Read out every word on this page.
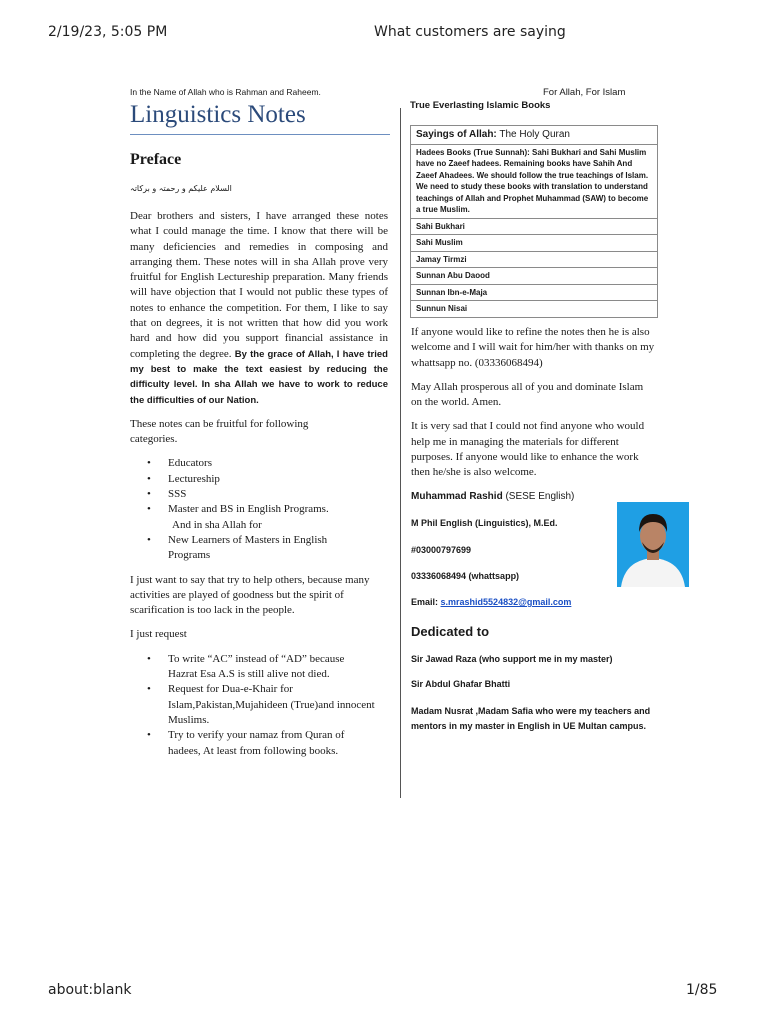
2/19/23, 5:05 PM	What customers are saying
In the Name of Allah who is Rahman and Raheem.	For Allah, For Islam
Linguistics Notes
Preface
السلام علیکم و رحمتہ و برکاتہ

Dear brothers and sisters, I have arranged these notes what I could manage the time. I know that there will be many deficiencies and remedies in composing and arranging them. These notes will in sha Allah prove very fruitful for English Lectureship preparation. Many friends will have objection that I would not public these types of notes to enhance the competition. For them, I like to say that on degrees, it is not written that how did you work hard and how did you support financial assistance in completing the degree. By the grace of Allah, I have tried my best to make the text easiest by reducing the difficulty level. In sha Allah we have to work to reduce the difficulties of our Nation.

These notes can be fruitful for following categories.

• Educators
• Lectureship
• SSS
• Master and BS in English Programs.
And in sha Allah for
• New Learners of Masters in English Programs

I just want to say that try to help others, because many activities are played of goodness but the spirit of scarification is too lack in the people.

I just request

• To write “AC” instead of “AD” because Hazrat Esa A.S is still alive not died.
• Request for Dua-e-Khair for Islam,Pakistan,Mujahideen (True)and innocent Muslims.
• Try to verify your namaz from Quran of hadees, At least from following books.
True Everlasting Islamic Books
Sayings of Allah: The Holy Quran
Hadees Books (True Sunnah): Sahi Bukhari and Sahi Muslim have no Zaeef hadees. Remaining books have Sahih And Zaeef Ahadees. We should follow the true teachings of Islam. We need to study these books with translation to understand teachings of Allah and Prophet Muhammad (SAW) to become a true Muslim.
Sahi Bukhari
Sahi Muslim
Jamay Tirmzi
Sunnan Abu Daood
Sunnan Ibn-e-Maja
Sunnun Nisai

If anyone would like to refine the notes then he is also welcome and I will wait for him/her with thanks on my whattsapp no. (03336068494)

May Allah prosperous all of you and dominate Islam on the world. Amen.

It is very sad that I could not find anyone who would help me in managing the materials for different purposes. If anyone would like to enhance the work then he/she is also welcome.

Muhammad Rashid (SESE English)
M Phil English (Linguistics), M.Ed.
#03000797699
03336068494 (whattsapp)
Email: s.mrashid5524832@gmail.com
Dedicated to
Sir Jawad Raza (who support me in my master)
Sir Abdul Ghafar Bhatti
Madam Nusrat ,Madam Safia who were my teachers and mentors in my master in English in UE Multan campus.
about:blank	1/85
